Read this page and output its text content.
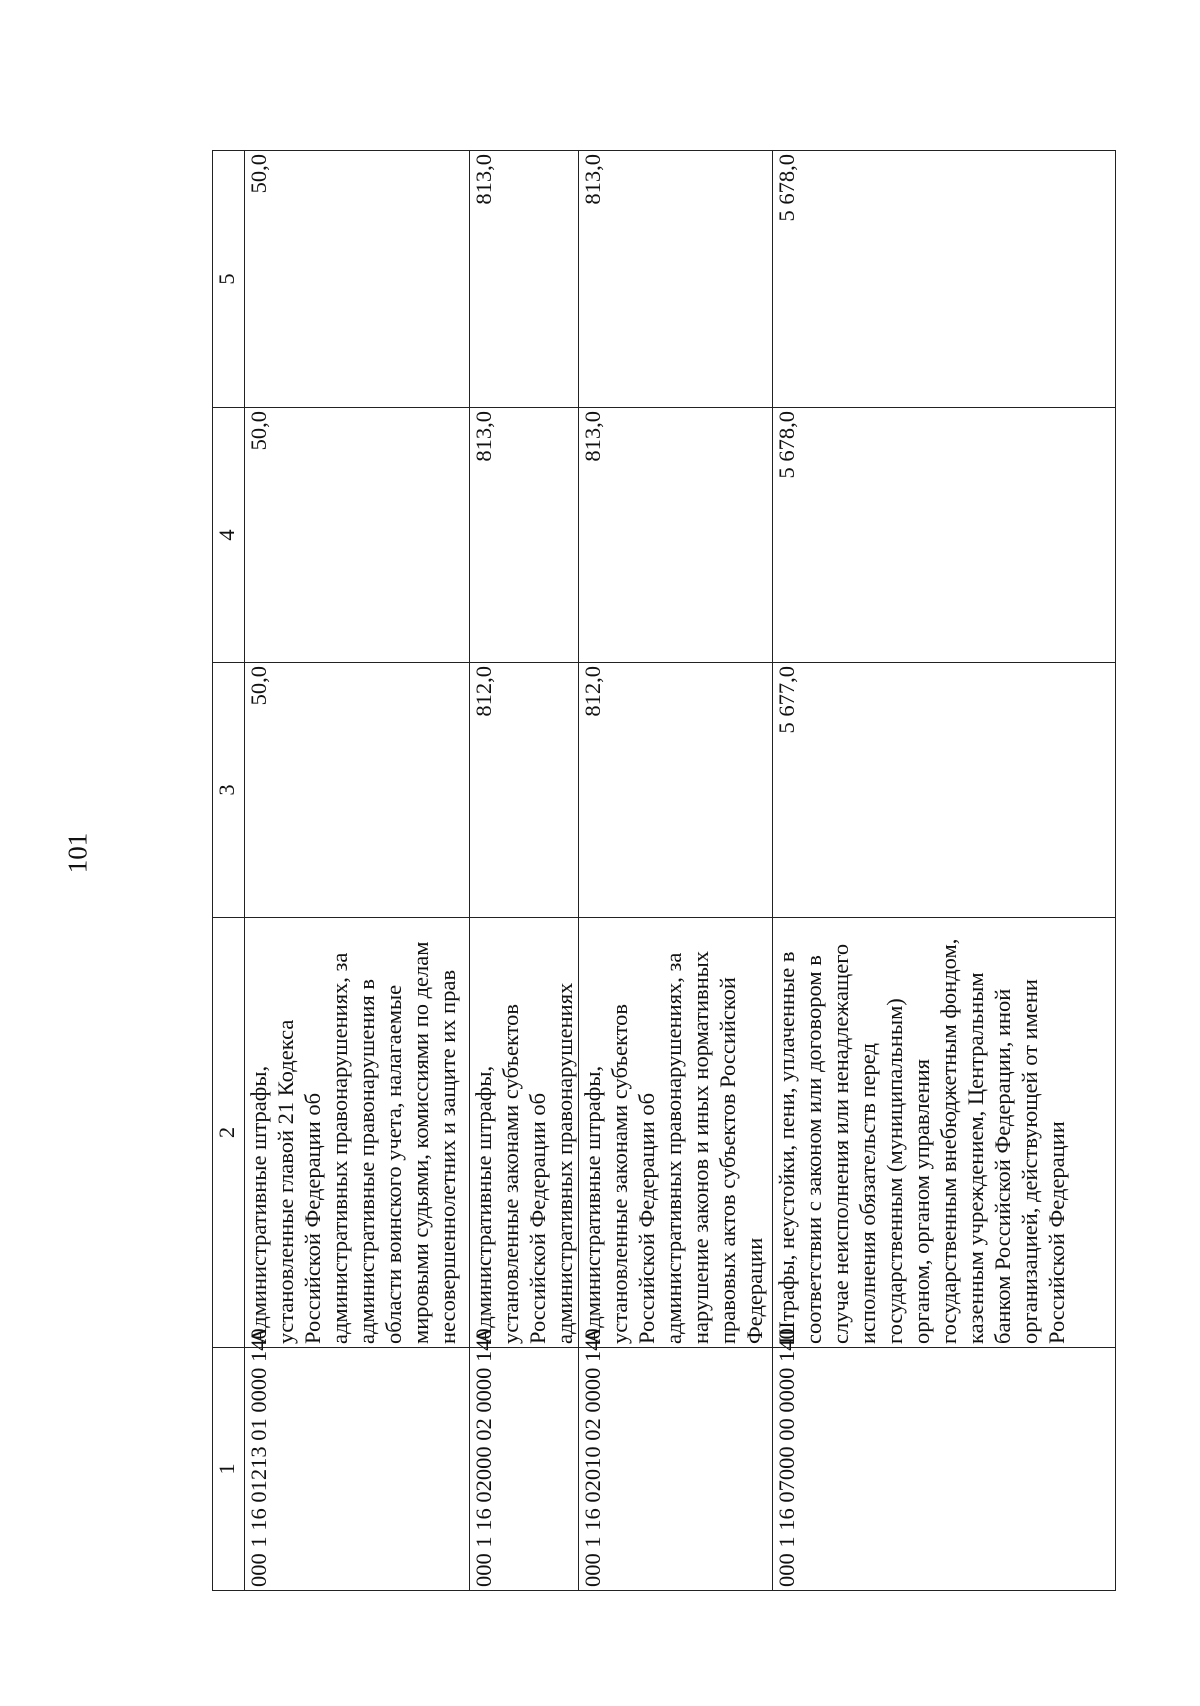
101
1	2	3	4	5
000 1 16 01213 01 0000 140	Административные штрафы, установленные главой 21 Кодекса Российской Федерации об административных правонарушениях, за административные правонарушения в области воинского учета, налагаемые мировыми судьями, комиссиями по делам несовершеннолетних и защите их прав	50,0	50,0	50,0
000 1 16 02000 02 0000 140	Административные штрафы, установленные законами субъектов Российской Федерации об административных правонарушениях	812,0	813,0	813,0
000 1 16 02010 02 0000 140	Административные штрафы, установленные законами субъектов Российской Федерации об административных правонарушениях, за нарушение законов и иных нормативных правовых актов субъектов Российской Федерации	812,0	813,0	813,0
000 1 16 07000 00 0000 140	Штрафы, неустойки, пени, уплаченные в соответствии с законом или договором в случае неисполнения или ненадлежащего исполнения обязательств перед государственным (муниципальным) органом, органом управления государственным внебюджетным фондом, казенным учреждением, Центральным банком Российской Федерации, иной организацией, действующей от имени Российской Федерации	5 677,0	5 678,0	5 678,0
